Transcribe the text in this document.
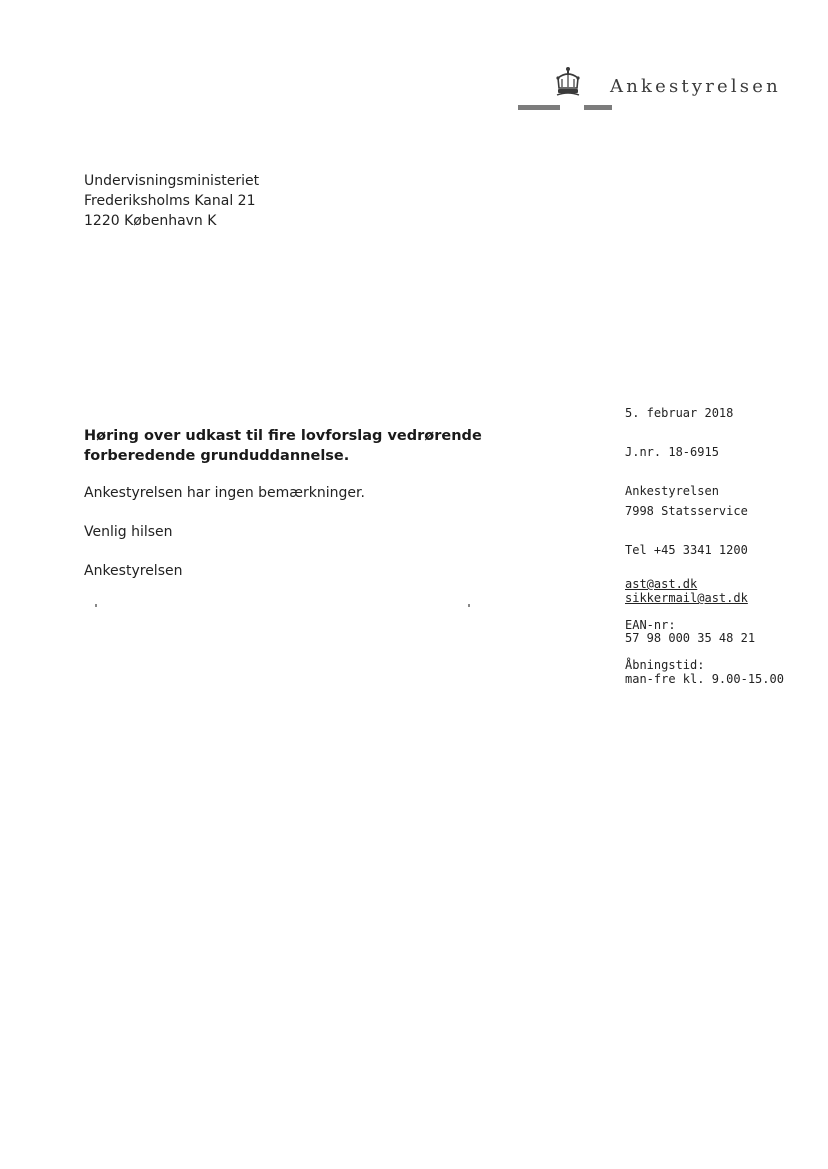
Ankestyrelsen
Undervisningsministeriet
Frederiksholms Kanal 21
1220 København K
5. februar 2018
J.nr. 18-6915
Ankestyrelsen
7998 Statsservice
Tel +45 3341 1200
ast@ast.dk
sikkermail@ast.dk
EAN-nr:
57 98 000 35 48 21
Åbningstid:
man-fre kl. 9.00-15.00
Høring over udkast til fire lovforslag vedrørende forberedende grunduddannelse.
Ankestyrelsen har ingen bemærkninger.
Venlig hilsen
Ankestyrelsen
